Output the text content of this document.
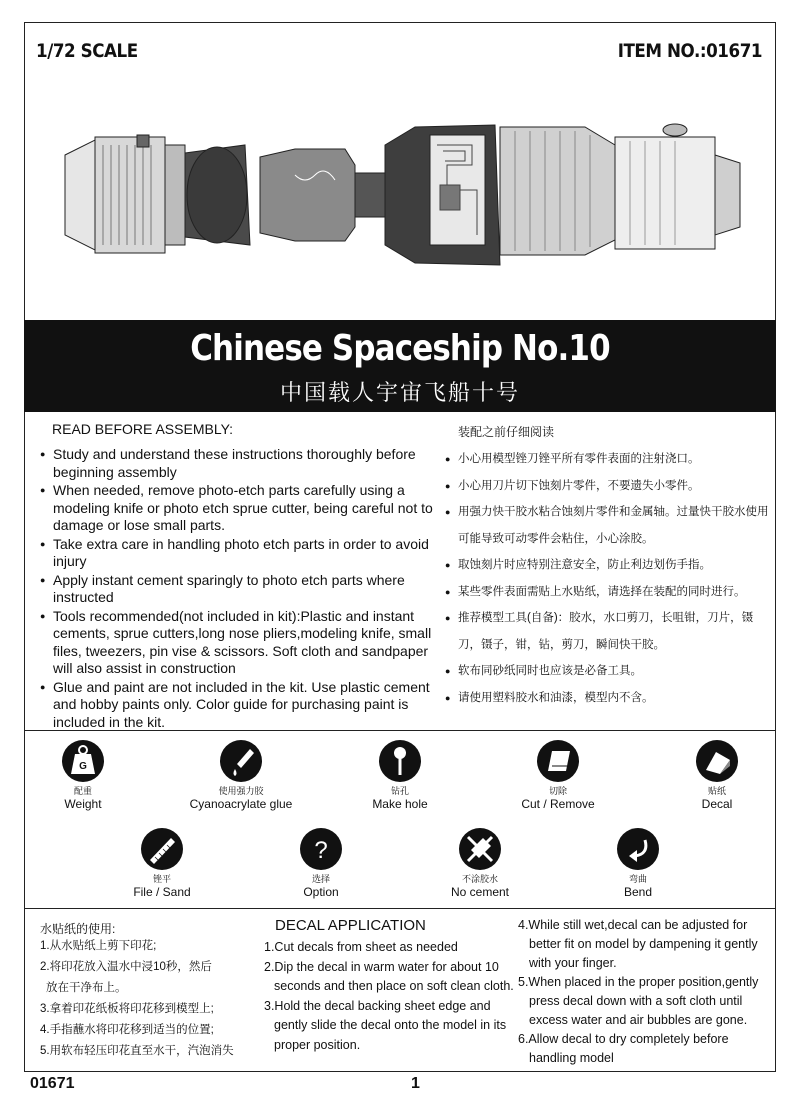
1/72 SCALE	ITEM NO.:01671
Chinese Spaceship No.10
中国载人宇宙飞船十号
READ BEFORE ASSEMBLY:
● Study and understand these instructions thoroughly before beginning assembly
● When needed, remove photo-etch parts carefully using a modeling knife or photo etch sprue cutter, being careful not to damage or lose small parts.
● Take extra care in handling photo etch parts in order to avoid injury
● Apply instant cement sparingly to photo etch parts where instructed
● Tools recommended(not included in kit):Plastic and instant cements, sprue cutters,long nose pliers,modeling knife, small files, tweezers, pin vise & scissors. Soft cloth and sandpaper will also assist in construction
● Glue and paint are not included in the kit. Use plastic cement and hobby paints only. Color guide for purchasing paint is included in the kit.
装配之前仔细阅读
● 小心用模型锉刀锉平所有零件表面的注射浇口。
● 小心用刀片切下蚀刻片零件，不要遗失小零件。
● 用强力快干胶水粘合蚀刻片零件和金属轴。过量快干胶水使用可能导致可动零件会粘住，小心涂胶。
● 取蚀刻片时应特别注意安全，防止利边划伤手指。
● 某些零件表面需贴上水贴纸，请选择在装配的同时进行。
● 推荐模型工具(自备)：胶水，水口剪刀，长咀钳，刀片，镊刀，镊子，钳，钻，剪刀，瞬间快干胶。
● 软布同砂纸同时也应该是必备工具。
● 请使用塑料胶水和油漆，模型内不含。
G
配重
Weight
使用强力胶
Cyanoacrylate glue
钻孔
Make hole
切除
Cut / Remove
贴纸
Decal
锉平
File / Sand
?
选择
Option
不涂胶水
No cement
弯曲
Bend
水贴纸的使用:
1.从水贴纸上剪下印花;
2.将印花放入温水中浸10秒，然后
放在干净布上。
3.拿着印花纸板将印花移到模型上;
4.手指蘸水将印花移到适当的位置;
5.用软布轻压印花直至水干，汽泡消失
DECAL APPLICATION
1.Cut decals from sheet as needed
2.Dip the decal in warm water for about 10
seconds and then place on soft clean cloth.
3.Hold the decal backing sheet edge and
gently slide the decal onto the model in its
proper position.
4.While still wet,decal can be adjusted for
better fit on model by dampening it gently
with your finger.
5.When placed in the proper position,gently
press decal down with a soft cloth until
excess water and air bubbles are gone.
6.Allow decal to dry completely before
handling model
01671	1
